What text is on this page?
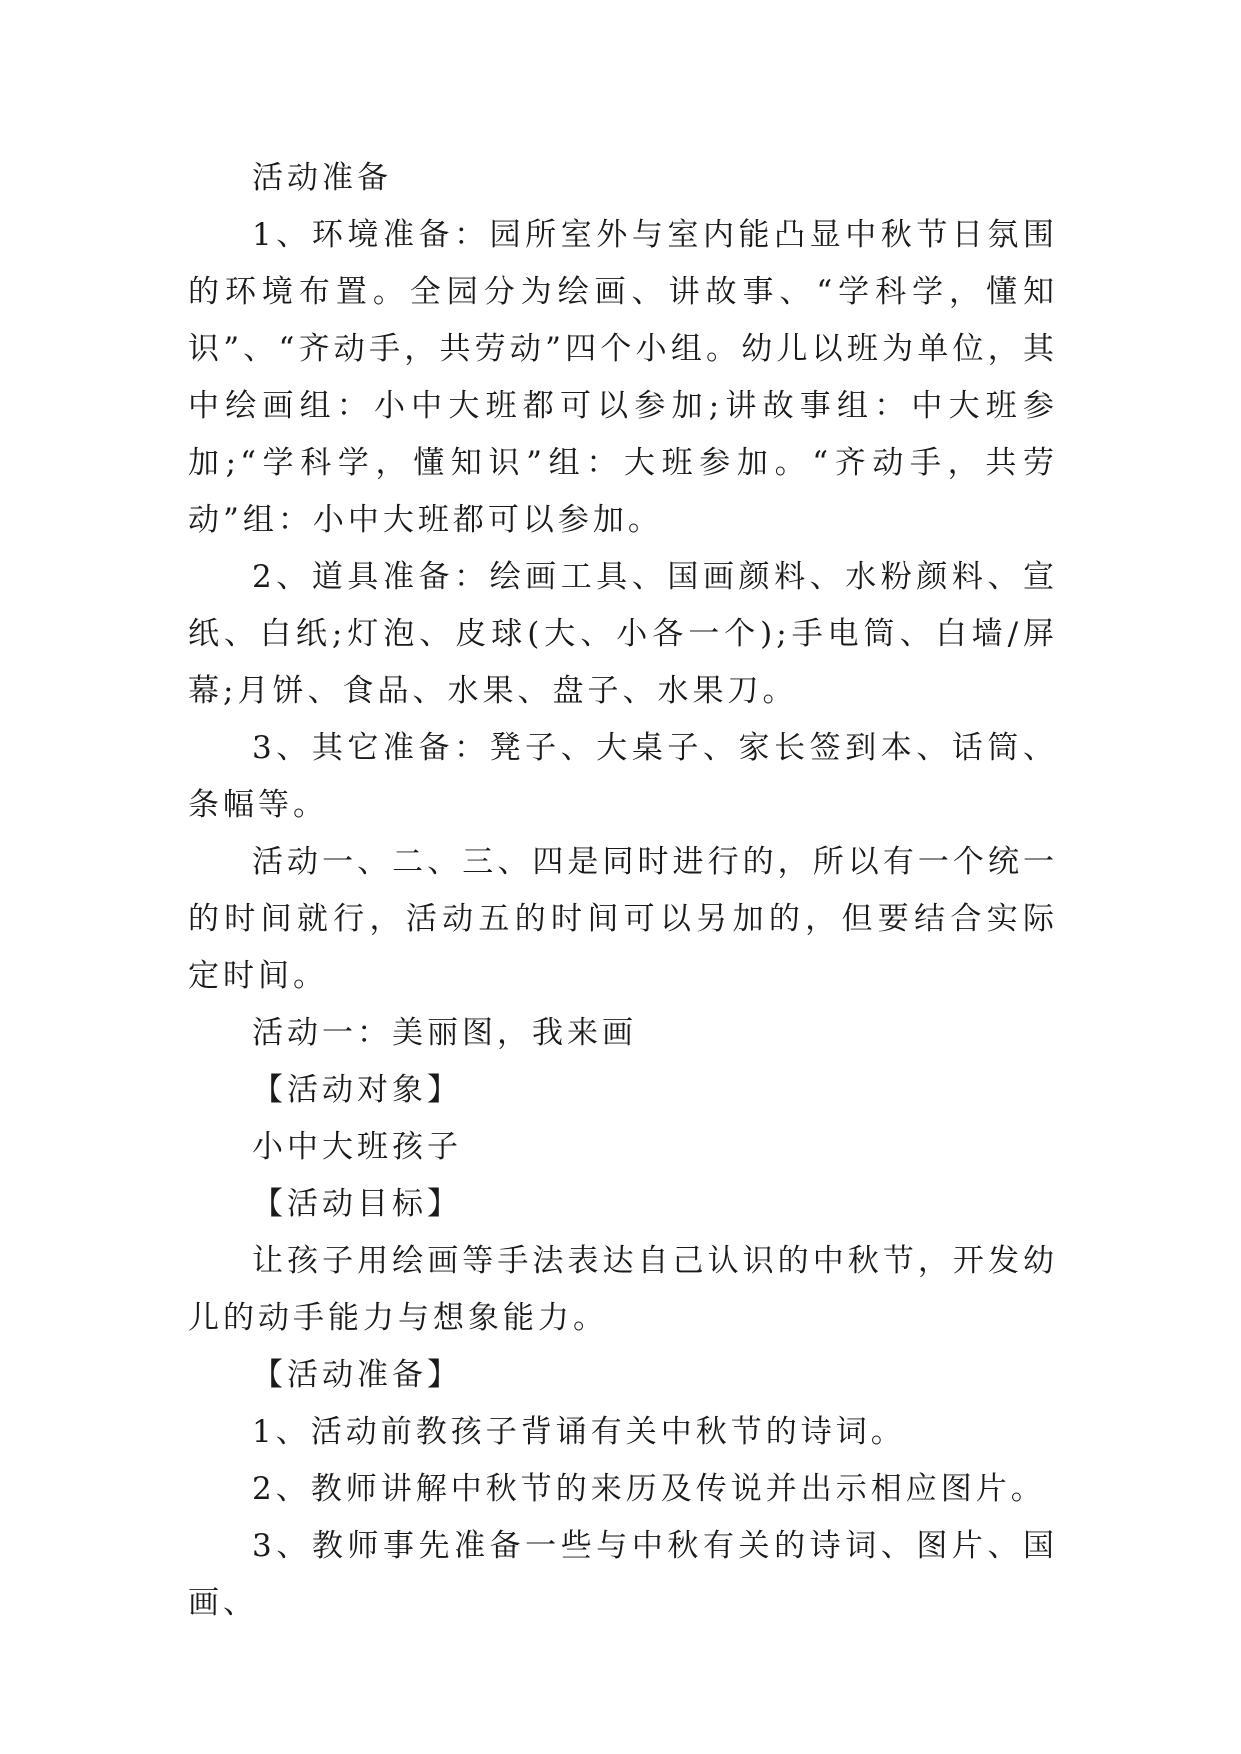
活动准备

1、环境准备：园所室外与室内能凸显中秋节日氛围的环境布置。全园分为绘画、讲故事、“学科学，懂知识”、“齐动手，共劳动”四个小组。幼儿以班为单位，其中绘画组：小中大班都可以参加;讲故事组：中大班参加;“学科学，懂知识”组：大班参加。“齐动手，共劳动”组：小中大班都可以参加。

2、道具准备：绘画工具、国画颜料、水粉颜料、宣纸、白纸;灯泡、皮球(大、小各一个);手电筒、白墙/屏幕;月饼、食品、水果、盘子、水果刀。

3、其它准备：凳子、大桌子、家长签到本、话筒、条幅等。

活动一、二、三、四是同时进行的，所以有一个统一的时间就行，活动五的时间可以另加的，但要结合实际定时间。

活动一：美丽图，我来画

【活动对象】

小中大班孩子

【活动目标】

让孩子用绘画等手法表达自己认识的中秋节，开发幼儿的动手能力与想象能力。

【活动准备】

1、活动前教孩子背诵有关中秋节的诗词。

2、教师讲解中秋节的来历及传说并出示相应图片。

3、教师事先准备一些与中秋有关的诗词、图片、国画、
